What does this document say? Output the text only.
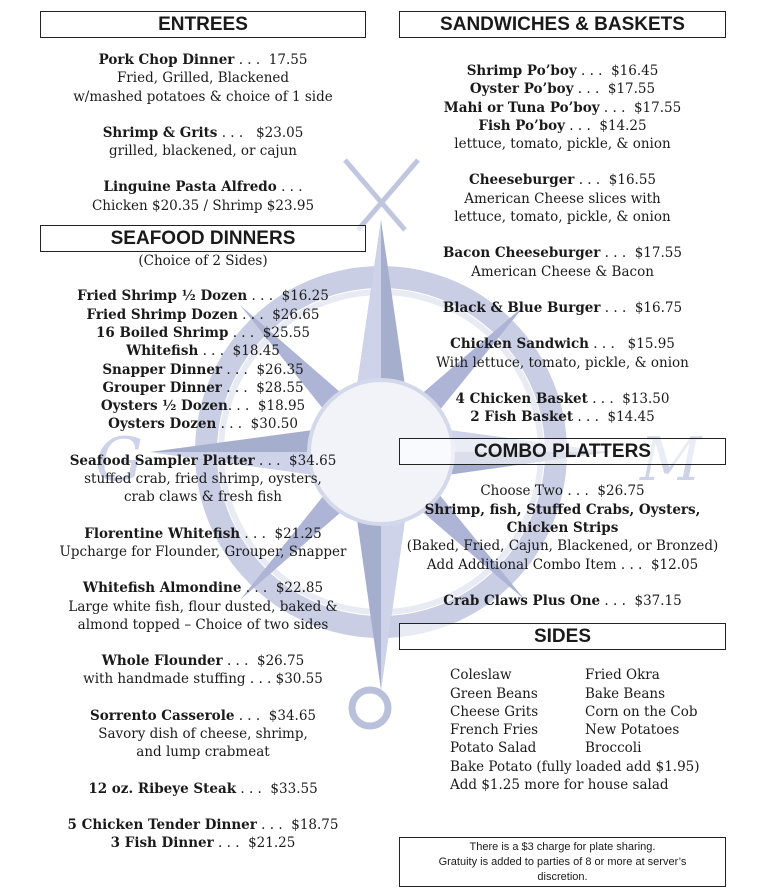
G
ENTREES
Pork Chop Dinner . . . 17.55
Fried, Grilled, Blackened
w/mashed potatoes & choice of 1 side
Shrimp & Grits . . . $23.05
grilled, blackened, or cajun
Linguine Pasta Alfredo . . .
Chicken $20.35 / Shrimp $23.95
SEAFOOD DINNERS
(Choice of 2 Sides)
Fried Shrimp ½ Dozen . . . $16.25
Fried Shrimp Dozen . . . $26.65
16 Boiled Shrimp . . . $25.55
Whitefish . . . $18.45
Snapper Dinner . . . $26.35
Grouper Dinner . . . $28.55
Oysters ½ Dozen. . . $18.95
Oysters Dozen . . . $30.50
Seafood Sampler Platter . . . $34.65
stuffed crab, fried shrimp, oysters,
crab claws & fresh fish
Florentine Whitefish . . . $21.25
Upcharge for Flounder, Grouper, Snapper
Whitefish Almondine . . . $22.85
Large white fish, flour dusted, baked &
almond topped – Choice of two sides
Whole Flounder . . . $26.75
with handmade stuffing . . . $30.55
Sorrento Casserole . . . $34.65
Savory dish of cheese, shrimp,
and lump crabmeat
12 oz. Ribeye Steak . . . $33.55
5 Chicken Tender Dinner . . . $18.75
3 Fish Dinner . . . $21.25
SANDWICHES & BASKETS
Shrimp Po’boy . . . $16.45
Oyster Po’boy . . . $17.55
Mahi or Tuna Po’boy . . . $17.55
Fish Po’boy . . . $14.25
lettuce, tomato, pickle, & onion
Cheeseburger . . . $16.55
American Cheese slices with
lettuce, tomato, pickle, & onion
Bacon Cheeseburger . . . $17.55
American Cheese & Bacon
Black & Blue Burger . . . $16.75
Chicken Sandwich . . . $15.95
With lettuce, tomato, pickle, & onion
4 Chicken Basket . . . $13.50
2 Fish Basket . . . $14.45
COMBO PLATTERS
Choose Two . . . $26.75
Shrimp, fish, Stuffed Crabs, Oysters,
Chicken Strips
(Baked, Fried, Cajun, Blackened, or Bronzed)
Add Additional Combo Item . . . $12.05
Crab Claws Plus One . . . $37.15
SIDES
Coleslaw	Fried Okra
Green Beans	Bake Beans
Cheese Grits	Corn on the Cob
French Fries	New Potatoes
Potato Salad	Broccoli
Bake Potato (fully loaded add $1.95)
Add $1.25 more for house salad
There is a $3 charge for plate sharing.
Gratuity is added to parties of 8 or more at server’s
discretion.
